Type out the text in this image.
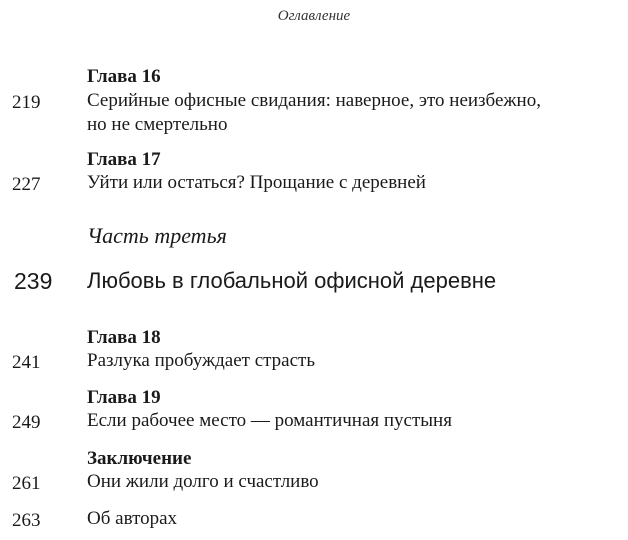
Оглавление
Глава 16
219 Серийные офисные свидания: наверное, это неизбежно,
но не смертельно
Глава 17
227 Уйти или остаться? Прощание с деревней
Часть третья
239 Любовь в глобальной офисной деревне
Глава 18
241 Разлука пробуждает страсть
Глава 19
249 Если рабочее место — романтичная пустыня
Заключение
261 Они жили долго и счастливо
263 Об авторах
